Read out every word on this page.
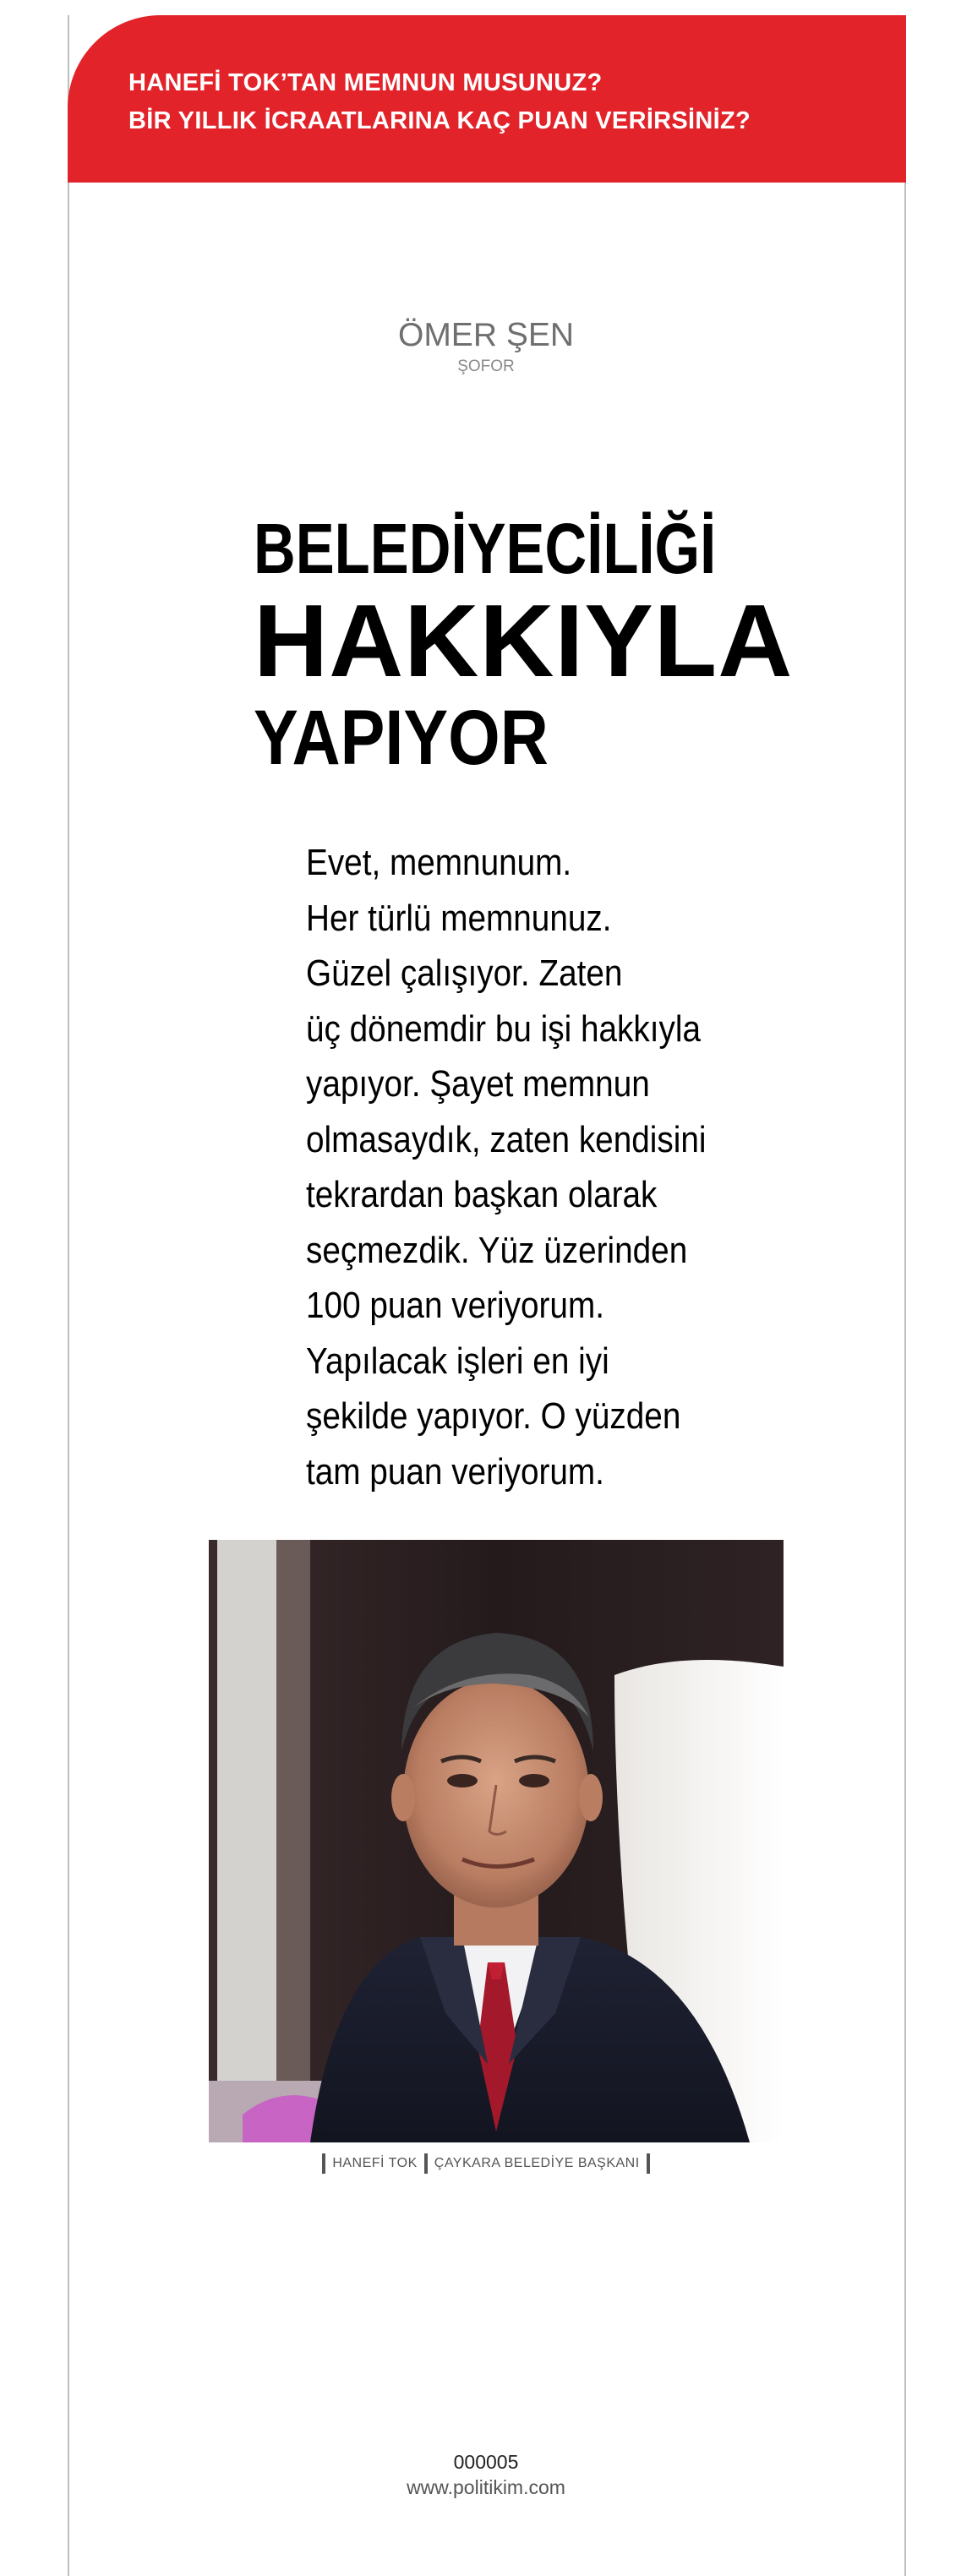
HANEFİ TOK’TAN MEMNUN MUSUNUZ?
BİR YILLIK İCRAATLARINA KAÇ PUAN VERİRSİNİZ?
ÖMER ŞEN
ŞOFOR
BELEDİYECİLİĞİ
HAKKIYLA
YAPIYOR
Evet, memnunum.
Her türlü memnunuz.
Güzel çalışıyor. Zaten
üç dönemdir bu işi hakkıyla
yapıyor. Şayet memnun
olmasaydık, zaten kendisini
tekrardan başkan olarak
seçmezdik. Yüz üzerinden
100 puan veriyorum.
Yapılacak işleri en iyi
şekilde yapıyor. O yüzden
tam puan veriyorum.
HANEFİ TOK ÇAYKARA BELEDİYE BAŞKANI
000005
www.politikim.com
